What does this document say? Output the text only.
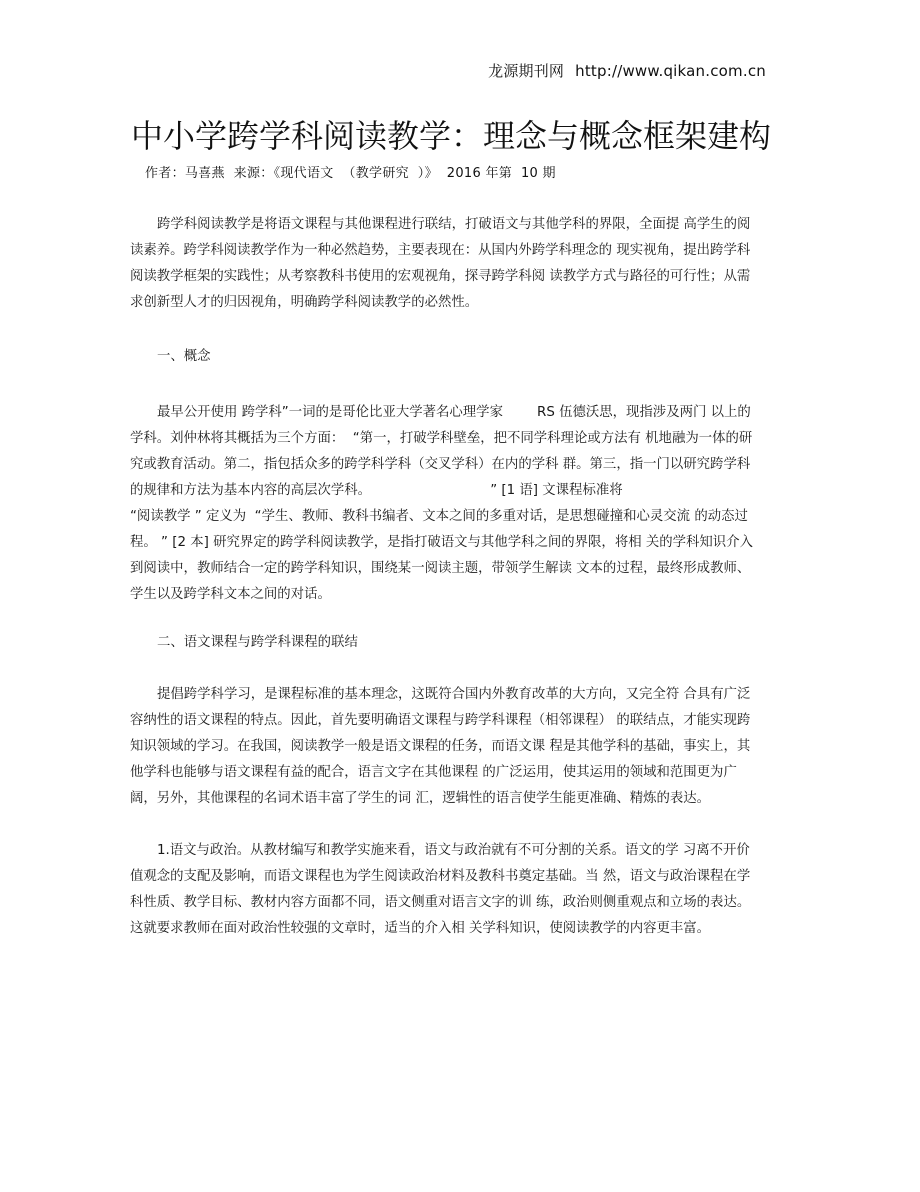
龙源期刊网 http://www.qikan.com.cn
中小学跨学科阅读教学：理念与概念框架建构作者：马喜燕  来源：《现代语文  （教学研究  ）》  2016 年第  10 期

跨学科阅读教学是将语文课程与其他课程进行联结，打破语文与其他学科的界限，全面提 高学生的阅读素养。跨学科阅读教学作为一种必然趋势，主要表现在：从国内外跨学科理念的 现实视角，提出跨学科阅读教学框架的实践性；从考察教科书使用的宏观视角，探寻跨学科阅 读教学方式与路径的可行性；从需求创新型人才的归因视角，明确跨学科阅读教学的必然性。

一、概念

最早公开使用 跨学科”一词的是哥伦比亚大学著名心理学家        RS 伍德沃思，现指涉及两门 以上的学科。刘仲林将其概括为三个方面：  “第一，打破学科壁垒，把不同学科理论或方法有 机地融为一体的研究或教育活动。第二，指包括众多的跨学科学科（交叉学科）在内的学科 群。第三，指一门以研究跨学科的规律和方法为基本内容的高层次学科。                            ” [1 语] 文课程标准将

“阅读教学 ” 定义为  “学生、教师、教科书编者、文本之间的多重对话，是思想碰撞和心灵交流 的动态过程。 ” [2 本] 研究界定的跨学科阅读教学，是指打破语文与其他学科之间的界限，将相 关的学科知识介入到阅读中，教师结合一定的跨学科知识，围绕某一阅读主题，带领学生解读 文本的过程，最终形成教师、学生以及跨学科文本之间的对话。

二、语文课程与跨学科课程的联结

提倡跨学科学习，是课程标准的基本理念，这既符合国内外教育改革的大方向，又完全符 合具有广泛容纳性的语文课程的特点。因此，首先要明确语文课程与跨学科课程（相邻课程） 的联结点，才能实现跨知识领域的学习。在我国，阅读教学一般是语文课程的任务，而语文课 程是其他学科的基础，事实上，其他学科也能够与语文课程有益的配合，语言文字在其他课程 的广泛运用，使其运用的领域和范围更为广阔，另外，其他课程的名词术语丰富了学生的词 汇，逻辑性的语言使学生能更准确、精炼的表达。

1.语文与政治。从教材编写和教学实施来看，语文与政治就有不可分割的关系。语文的学 习离不开价值观念的支配及影响，而语文课程也为学生阅读政治材料及教科书奠定基础。当 然，语文与政治课程在学科性质、教学目标、教材内容方面都不同，语文侧重对语言文字的训 练，政治则侧重观点和立场的表达。这就要求教师在面对政治性较强的文章时，适当的介入相 关学科知识，使阅读教学的内容更丰富。
